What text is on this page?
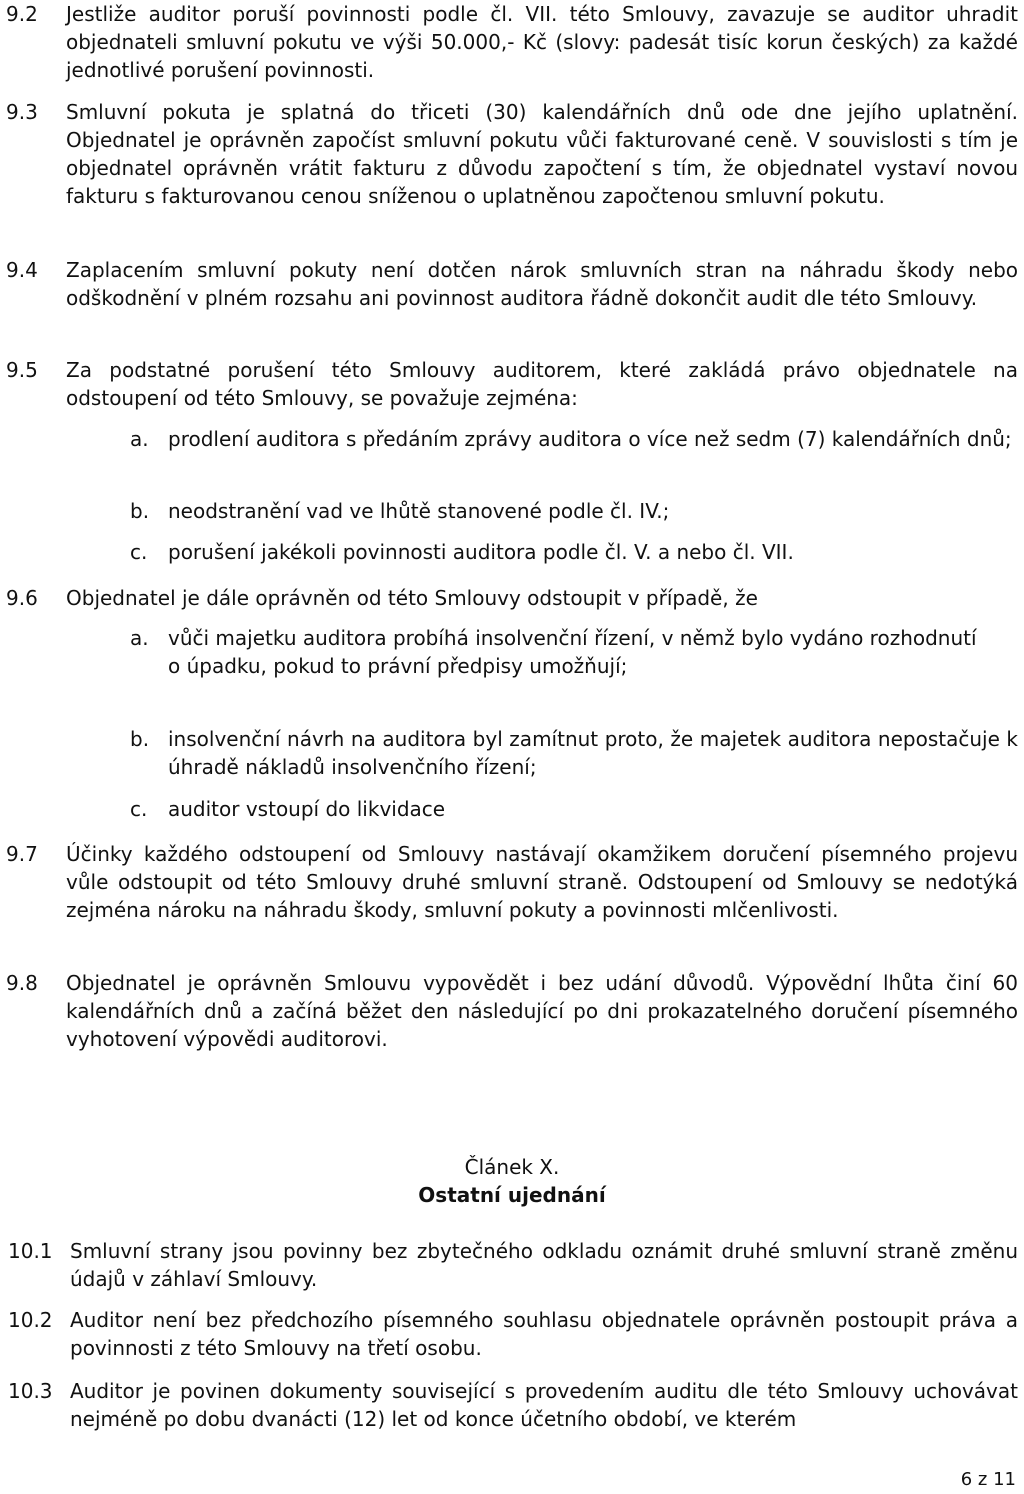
9.2	Jestliže auditor poruší povinnosti podle čl. VII. této Smlouvy, zavazuje se auditor uhradit objednateli smluvní pokutu ve výši 50.000,- Kč (slovy: padesát tisíc korun českých) za každé jednotlivé porušení povinnosti.
9.3	Smluvní pokuta je splatná do třiceti (30) kalendářních dnů ode dne jejího uplatnění. Objednatel je oprávněn započíst smluvní pokutu vůči fakturované ceně. V souvislosti s tím je objednatel oprávněn vrátit fakturu z důvodu započtení s tím, že objednatel vystaví novou fakturu s fakturovanou cenou sníženou o uplatněnou započtenou smluvní pokutu.
9.4	Zaplacením smluvní pokuty není dotčen nárok smluvních stran na náhradu škody nebo odškodnění v plném rozsahu ani povinnost auditora řádně dokončit audit dle této Smlouvy.
9.5	Za podstatné porušení této Smlouvy auditorem, které zakládá právo objednatele na odstoupení od této Smlouvy, se považuje zejména:
a. prodlení auditora s předáním zprávy auditora o více než sedm (7) kalendářních dnů;
b. neodstranění vad ve lhůtě stanovené podle čl. IV.;
c.	porušení jakékoli povinnosti auditora podle čl. V. a nebo čl. VII.
9.6	Objednatel je dále oprávněn od této Smlouvy odstoupit v případě, že
a. vůči majetku auditora probíhá insolvenční řízení, v němž bylo vydáno rozhodnutí
o úpadku, pokud to právní předpisy umožňují;
b. insolvenční návrh na auditora byl zamítnut proto, že majetek auditora nepostačuje k úhradě nákladů insolvenčního řízení;
c.	auditor vstoupí do likvidace
9.7	Účinky každého odstoupení od Smlouvy nastávají okamžikem doručení písemného projevu vůle odstoupit od této Smlouvy druhé smluvní straně. Odstoupení od Smlouvy se nedotýká zejména nároku na náhradu škody, smluvní pokuty a povinnosti mlčenlivosti.
9.8	Objednatel je oprávněn Smlouvu vypovědět i bez udání důvodů. Výpovědní lhůta činí 60 kalendářních dnů a začíná běžet den následující po dni prokazatelného doručení písemného vyhotovení výpovědi auditorovi.
Článek X.
Ostatní ujednání
10.1 Smluvní strany jsou povinny bez zbytečného odkladu oznámit druhé smluvní straně změnu údajů v záhlaví Smlouvy.
10.2 Auditor není bez předchozího písemného souhlasu objednatele oprávněn postoupit práva a povinnosti z této Smlouvy na třetí osobu.
10.3 Auditor je povinen dokumenty související s provedením auditu dle této Smlouvy uchovávat nejméně po dobu dvanácti (12) let od konce účetního období, ve kterém
6 z 11
